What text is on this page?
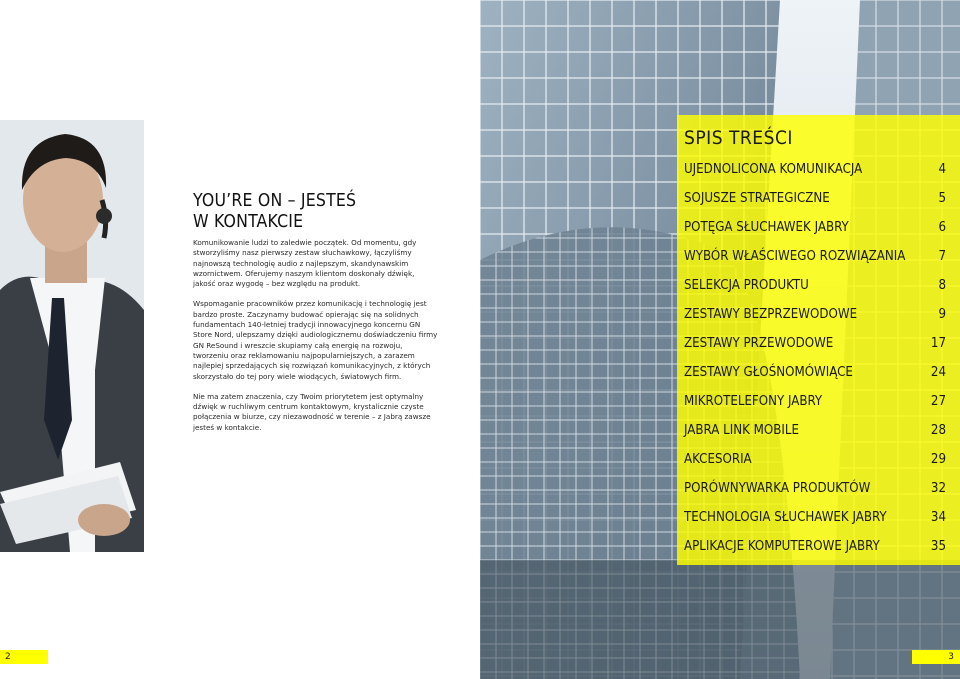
YOU’RE ON – JESTEŚ
W KONTAKCIE

Komunikowanie ludzi to zaledwie początek. Od momentu, gdy stworzyliśmy nasz pierwszy zestaw słuchawkowy, łączyliśmy najnowszą technologię audio z najlepszym, skandynawskim wzornictwem. Oferujemy naszym klientom doskonały dźwięk, jakość oraz wygodę – bez względu na produkt.

Wspomaganie pracowników przez komunikację i technologię jest bardzo proste. Zaczynamy budować opierając się na solidnych fundamentach 140-letniej tradycji innowacyjnego koncernu GN Store Nord, ulepszamy dzięki audiologicznemu doświadczeniu firmy GN ReSound i wreszcie skupiamy całą energię na rozwoju, tworzeniu oraz reklamowaniu najpopularniejszych, a zarazem najlepiej sprzedających się rozwiązań komunikacyjnych, z których skorzystało do tej pory wiele wiodących, światowych firm.

Nie ma zatem znaczenia, czy Twoim priorytetem jest optymalny dźwięk w ruchliwym centrum kontaktowym, krystalicznie czyste połączenia w biurze, czy niezawodność w terenie – z Jabrą zawsze jesteś w kontakcie.

2
SPIS TREŚCI
UJEDNOLICONA KOMUNIKACJA	4
SOJUSZE STRATEGICZNE	5
POTĘGA SŁUCHAWEK JABRY	6
WYBÓR WŁAŚCIWEGO ROZWIĄZANIA	7
SELEKCJA PRODUKTU	8
ZESTAWY BEZPRZEWODOWE	9
ZESTAWY PRZEWODOWE	17
ZESTAWY GŁOŚNOMÓWIĄCE	24
MIKROTELEFONY JABRY	27
JABRA LINK MOBILE	28
AKCESORIA	29
PORÓWNYWARKA PRODUKTÓW	32
TECHNOLOGIA SŁUCHAWEK JABRY	34
APLIKACJE KOMPUTEROWE JABRY	35
3
